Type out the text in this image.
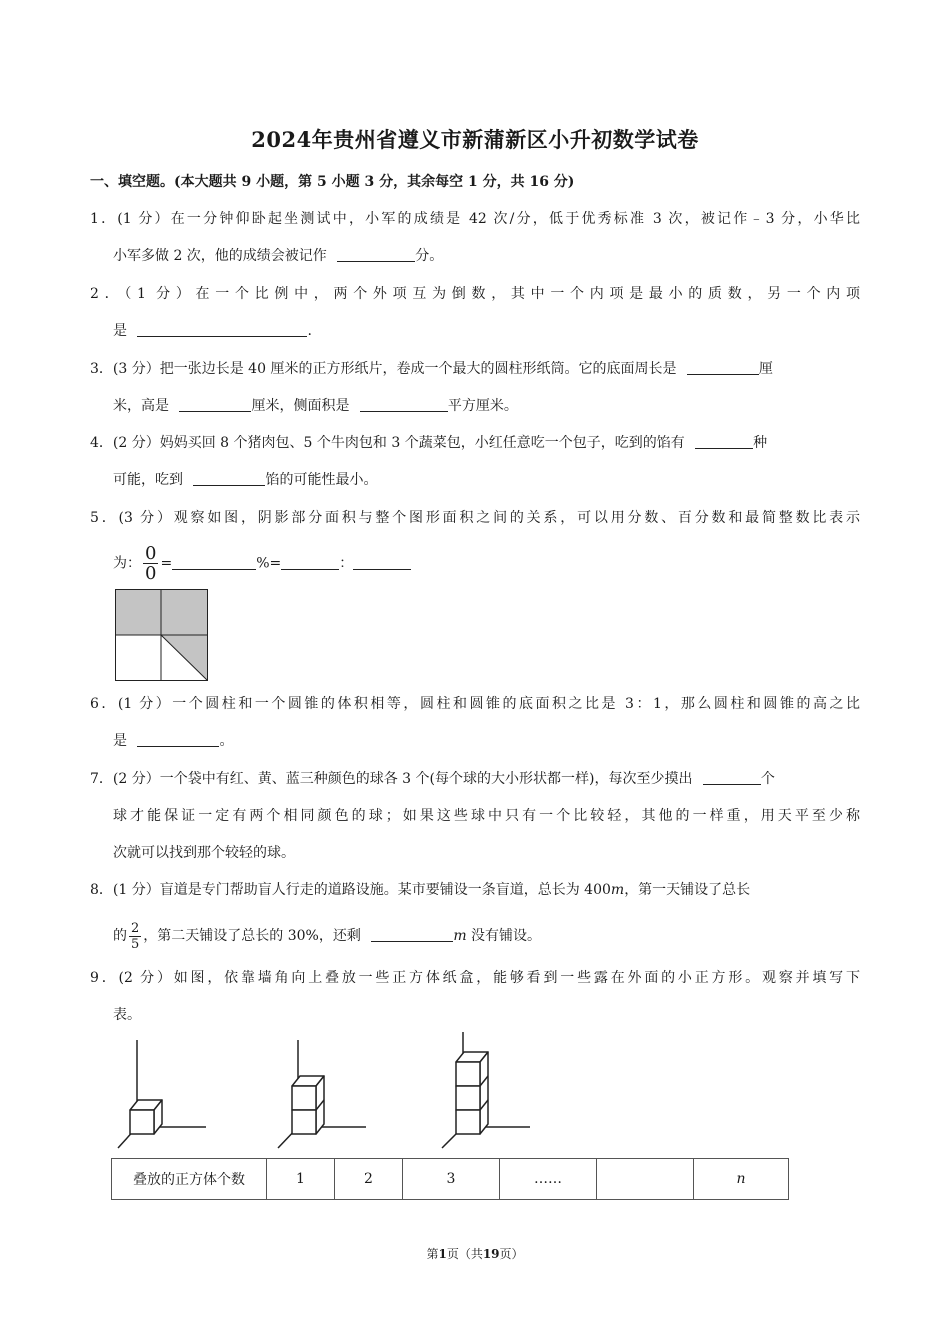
2024年贵州省遵义市新蒲新区小升初数学试卷
一、填空题。(本大题共 9 小题，第 5 小题 3 分，其余每空 1 分，共 16 分)
1．(1 分）在一分钟仰卧起坐测试中，小军的成绩是 42 次/分，低于优秀标准 3 次，被记作﹣3 分，小华比
小军多做 2 次，他的成绩会被记作	分。
2．（1 分）在一个比例中，两个外项互为倒数，其中一个内项是最小的质数，另一个内项
是	.
3．(3 分）把一张边长是 40 厘米的正方形纸片，卷成一个最大的圆柱形纸筒。它的底面周长是	厘
米，高是	厘米，侧面积是	平方厘米。
4．(2 分）妈妈买回 8 个猪肉包、5 个牛肉包和 3 个蔬菜包，小红任意吃一个包子，吃到的馅有	种
可能，吃到	馅的可能性最小。
5．(3 分）观察如图，阴影部分面积与整个图形面积之间的关系，可以用分数、百分数和最简整数比表示
为： $\frac{0}{0}$ =	%=	：
6．(1 分）一个圆柱和一个圆锥的体积相等，圆柱和圆锥的底面积之比是 3：1，那么圆柱和圆锥的高之比
是	。
7．(2 分）一个袋中有红、黄、蓝三种颜色的球各 3 个(每个球的大小形状都一样)，每次至少摸出	个
球才能保证一定有两个相同颜色的球；如果这些球中只有一个比较轻，其他的一样重，用天平至少称
次就可以找到那个较轻的球。
8．(1 分）盲道是专门帮助盲人行走的道路设施。某市要铺设一条盲道，总长为 400m，第一天铺设了总长
的 $\frac{2}{5}$ ，第二天铺设了总长的 30%，还剩	m 没有铺设。
9．(2 分）如图，依靠墙角向上叠放一些正方体纸盒，能够看到一些露在外面的小正方形。观察并填写下
表。
叠放的正方体个数	1	2	3	……		n
第1页（共19页）
